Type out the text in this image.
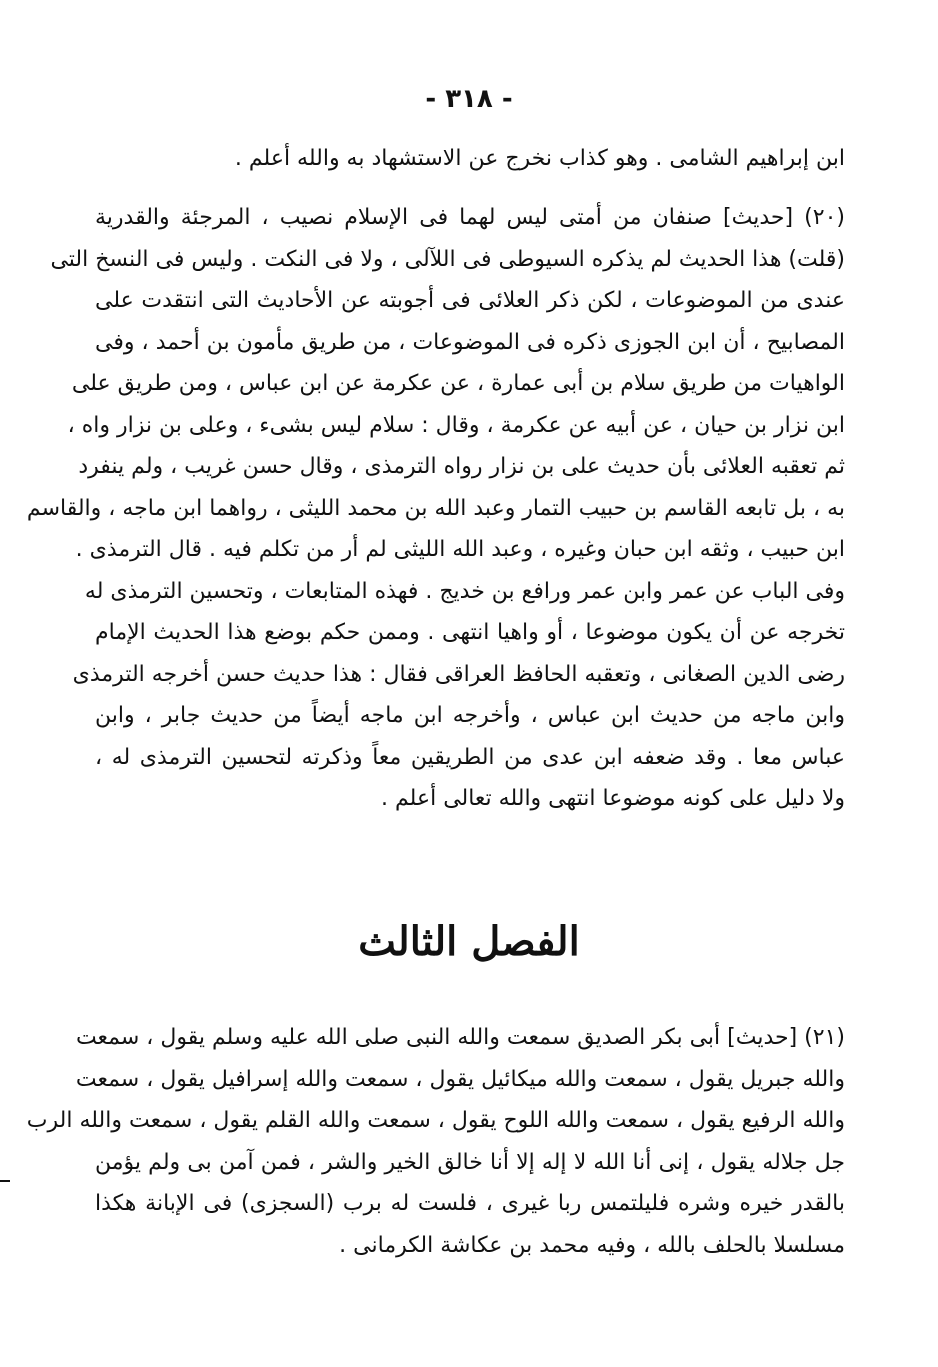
- ٣١٨ -
ابن إبراهيم الشامى . وهو كذاب نخرج عن الاستشهاد به والله أعلم .
(٢٠) [حديث] صنفان من أمتى ليس لهما فى الإسلام نصيب ، المرجئة والقدرية
(قلت) هذا الحديث لم يذكره السيوطى فى اللآلى ، ولا فى النكت . وليس فى النسخ التى
عندى من الموضوعات ، لكن ذكر العلائى فى أجوبته عن الأحاديث التى انتقدت على
المصابيح ، أن ابن الجوزى ذكره فى الموضوعات ، من طريق مأمون بن أحمد ، وفى
الواهيات من طريق سلام بن أبى عمارة ، عن عكرمة عن ابن عباس ، ومن طريق على
ابن نزار بن حيان ، عن أبيه عن عكرمة ، وقال : سلام ليس بشىء ، وعلى بن نزار واه ،
ثم تعقبه العلائى بأن حديث على بن نزار رواه الترمذى ، وقال حسن غريب ، ولم ينفرد
به ، بل تابعه القاسم بن حبيب التمار وعبد الله بن محمد الليثى ، رواهما ابن ماجه ، والقاسم
ابن حبيب ، وثقه ابن حبان وغيره ، وعبد الله الليثى لم أر من تكلم فيه . قال الترمذى .
وفى الباب عن عمر وابن عمر ورافع بن خديج . فهذه المتابعات ، وتحسين الترمذى له
تخرجه عن أن يكون موضوعا ، أو واهيا انتهى . وممن حكم بوضع هذا الحديث الإمام
رضى الدين الصغانى ، وتعقبه الحافظ العراقى فقال : هذا حديث حسن أخرجه الترمذى
وابن ماجه من حديث ابن عباس ، وأخرجه ابن ماجه أيضاً من حديث جابر ، وابن
عباس معا . وقد ضعفه ابن عدى من الطريقين معاً وذكرته لتحسين الترمذى له ،
ولا دليل على كونه موضوعا انتهى والله تعالى أعلم .
الفصل الثالث
(٢١) [حديث] أبى بكر الصديق سمعت والله النبى صلى الله عليه وسلم يقول ، سمعت
والله جبريل يقول ، سمعت والله ميكائيل يقول ، سمعت والله إسرافيل يقول ، سمعت
والله الرفيع يقول ، سمعت والله اللوح يقول ، سمعت والله القلم يقول ، سمعت والله الرب
جل جلاله يقول ، إنى أنا الله لا إله إلا أنا خالق الخير والشر ، فمن آمن بى ولم يؤمن
بالقدر خيره وشره فليلتمس ربا غيرى ، فلست له برب (السجزى) فى الإبانة هكذا
مسلسلا بالحلف بالله ، وفيه محمد بن عكاشة الكرمانى .
